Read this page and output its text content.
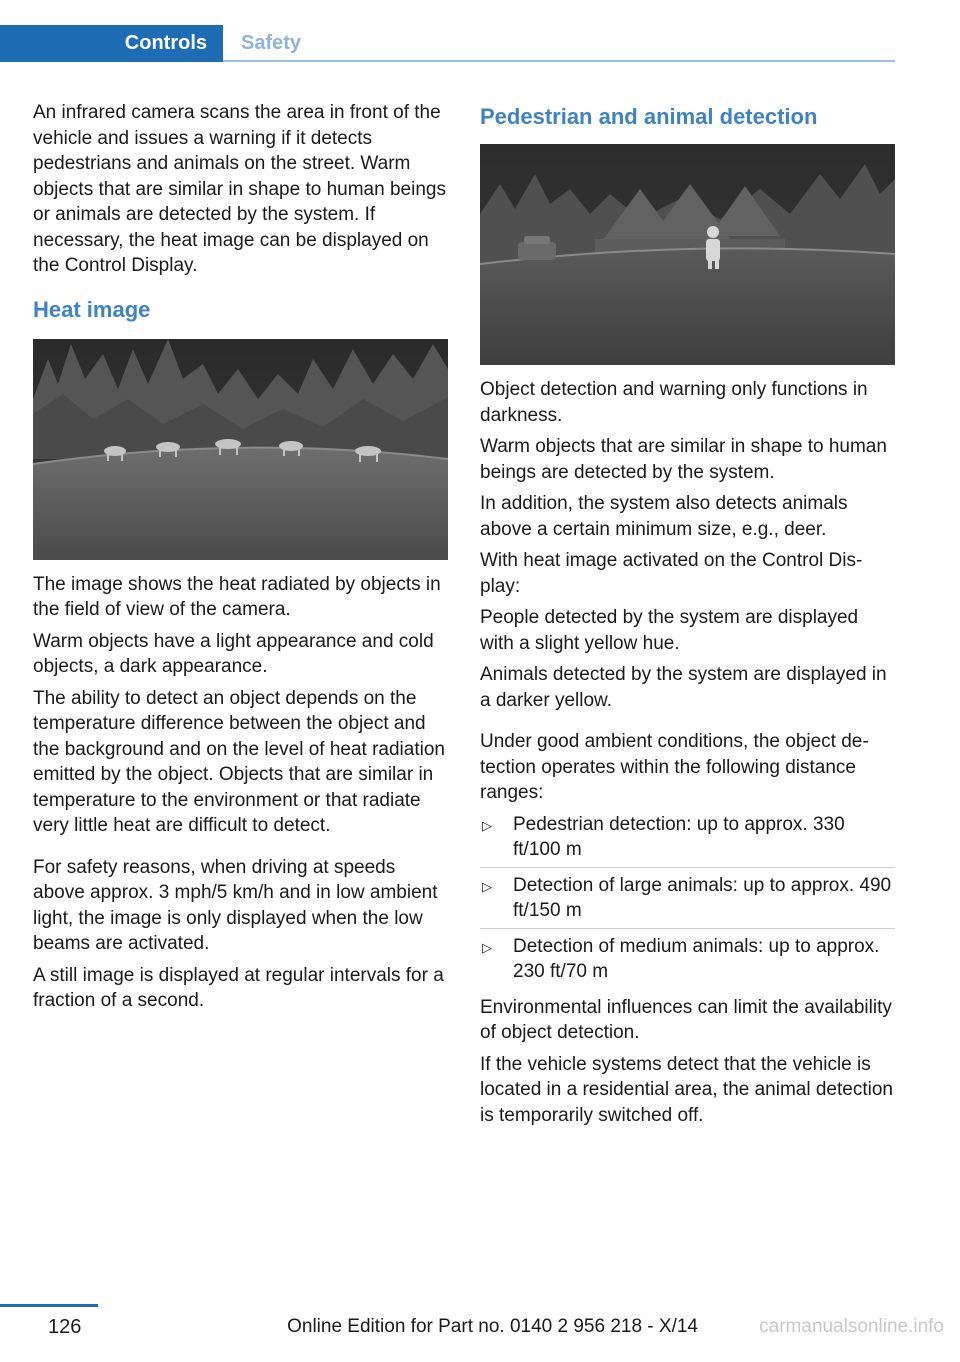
Controls	Safety

An infrared camera scans the area in front of the vehicle and issues a warning if it detects pedestrians and animals on the street. Warm objects that are similar in shape to human beings or animals are detected by the system. If necessary, the heat image can be displayed on the Control Display.

Heat image

The image shows the heat radiated by objects in the field of view of the camera.

Warm objects have a light appearance and cold objects, a dark appearance.

The ability to detect an object depends on the temperature difference between the object and the background and on the level of heat radiation emitted by the object. Objects that are similar in temperature to the environment or that radiate very little heat are difficult to detect.

For safety reasons, when driving at speeds above approx. 3 mph/5 km/h and in low ambient light, the image is only displayed when the low beams are activated.

A still image is displayed at regular intervals for a fraction of a second.

Pedestrian and animal detection

Object detection and warning only functions in darkness.

Warm objects that are similar in shape to human beings are detected by the system.

In addition, the system also detects animals above a certain minimum size, e.g., deer.

With heat image activated on the Control Display:

People detected by the system are displayed with a slight yellow hue.

Animals detected by the system are displayed in a darker yellow.

Under good ambient conditions, the object detection operates within the following distance ranges:

▷ Pedestrian detection: up to approx. 330 ft/100 m
▷ Detection of large animals: up to approx. 490 ft/150 m
▷ Detection of medium animals: up to approx. 230 ft/70 m

Environmental influences can limit the availability of object detection.

If the vehicle systems detect that the vehicle is located in a residential area, the animal detection is temporarily switched off.

126	Online Edition for Part no. 0140 2 956 218 - X/14	carmanualsonline.info
